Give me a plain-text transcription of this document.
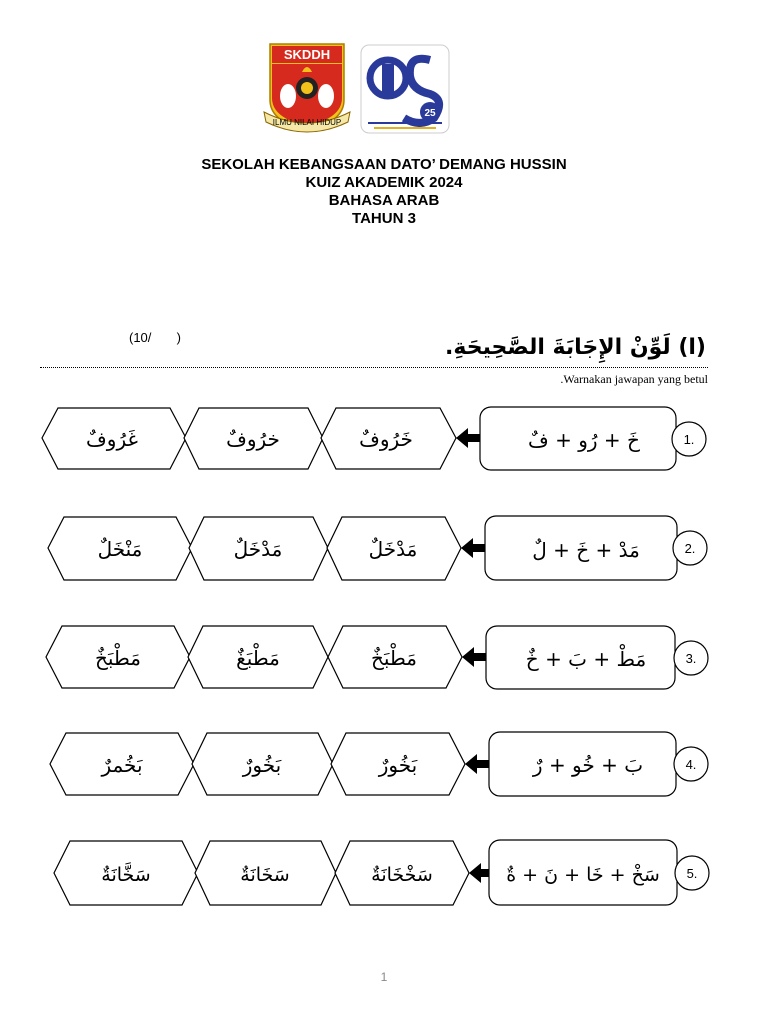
SKDDH
ILMU NILAI HIDUP
25
SEKOLAH KEBANGSAAN DATO’ DEMANG HUSSIN
KUIZ AKADEMIK 2024
BAHASA ARAB
TAHUN 3
(10/       )	(ا) لَوِّنْ الإِجَابَةَ الصَّحِيحَةِ.
.Warnakan jawapan yang betul
غَرُوفٌ	خرُوفٌ	خَرُوفٌ	خَ + رُو + فٌ	1.
مَنْخَلٌ	مَدْخَلٌ	مَدْخَلٌ	مَدْ + خَ + لٌ	2.
مَطْبَخٌ	مَطْبَغٌ	مَطْبَخٌ	مَطْ + بَ + خٌ	3.
بَخُمرٌ	بَخُورٌ	بَخُورٌ	بَ + خُو + رٌ	4.
سَخَّانَةٌ	سَخَانَةٌ	سَخْخَانَةٌ	سَخْ + خَا + نَ + ةٌ 5.
1
